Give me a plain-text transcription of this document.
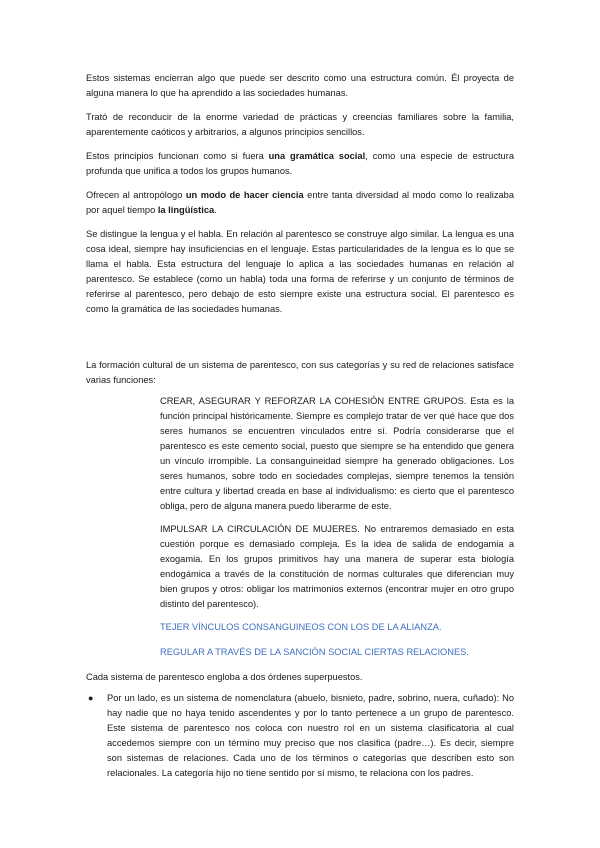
Estos sistemas encierran algo que puede ser descrito como una estructura común. Él proyecta de alguna manera lo que ha aprendido a las sociedades humanas.

Trató de reconducir de la enorme variedad de prácticas y creencias familiares sobre la familia, aparentemente caóticos y arbitrarios, a algunos principios sencillos.

Estos principios funcionan como si fuera una gramática social, como una especie de estructura profunda que unifica a todos los grupos humanos.

Ofrecen al antropólogo un modo de hacer ciencia entre tanta diversidad al modo como lo realizaba por aquel tiempo la lingüística.

Se distingue la lengua y el habla. En relación al parentesco se construye algo similar. La lengua es una cosa ideal, siempre hay insuficiencias en el lenguaje. Estas particularidades de la lengua es lo que se llama el habla. Esta estructura del lenguaje lo aplica a las sociedades humanas en relación al parentesco. Se establece (como un habla) toda una forma de referirse y un conjunto de términos de referirse al parentesco, pero debajo de esto siempre existe una estructura social. El parentesco es como la gramática de las sociedades humanas.

La formación cultural de un sistema de parentesco, con sus categorías y su red de relaciones satisface varias funciones:

CREAR, ASEGURAR Y REFORZAR LA COHESIÓN ENTRE GRUPOS. Esta es la función principal históricamente. Siempre es complejo tratar de ver qué hace que dos seres humanos se encuentren vinculados entre sí. Podría considerarse que el parentesco es este cemento social, puesto que siempre se ha entendido que genera un vínculo irrompible. La consanguineidad siempre ha generado obligaciones. Los seres humanos, sobre todo en sociedades complejas, siempre tenemos la tensión entre cultura y libertad creada en base al individualismo: es cierto que el parentesco obliga, pero de alguna manera puedo liberarme de este.

IMPULSAR LA CIRCULACIÓN DE MUJERES. No entraremos demasiado en esta cuestión porque es demasiado compleja. Es la idea de salida de endogamia a exogamia. En los grupos primitivos hay una manera de superar esta biología endogámica a través de la constitución de normas culturales que diferencian muy bien grupos y otros: obligar los matrimonios externos (encontrar mujer en otro grupo distinto del parentesco).

TEJER VÍNCULOS CONSANGUINEOS CON LOS DE LA ALIANZA.

REGULAR A TRAVÉS DE LA SANCIÓN SOCIAL CIERTAS RELACIONES.

Cada sistema de parentesco engloba a dos órdenes superpuestos.

● Por un lado, es un sistema de nomenclatura (abuelo, bisnieto, padre, sobrino, nuera, cuñado): No hay nadie que no haya tenido ascendentes y por lo tanto pertenece a un grupo de parentesco. Este sistema de parentesco nos coloca con nuestro rol en un sistema clasificatoria al cual accedemos siempre con un término muy preciso que nos clasifica (padre…). Es decir, siempre son sistemas de relaciones. Cada uno de los términos o categorías que describen esto son relacionales. La categoría hijo no tiene sentido por sí mismo, te relaciona con los padres.
